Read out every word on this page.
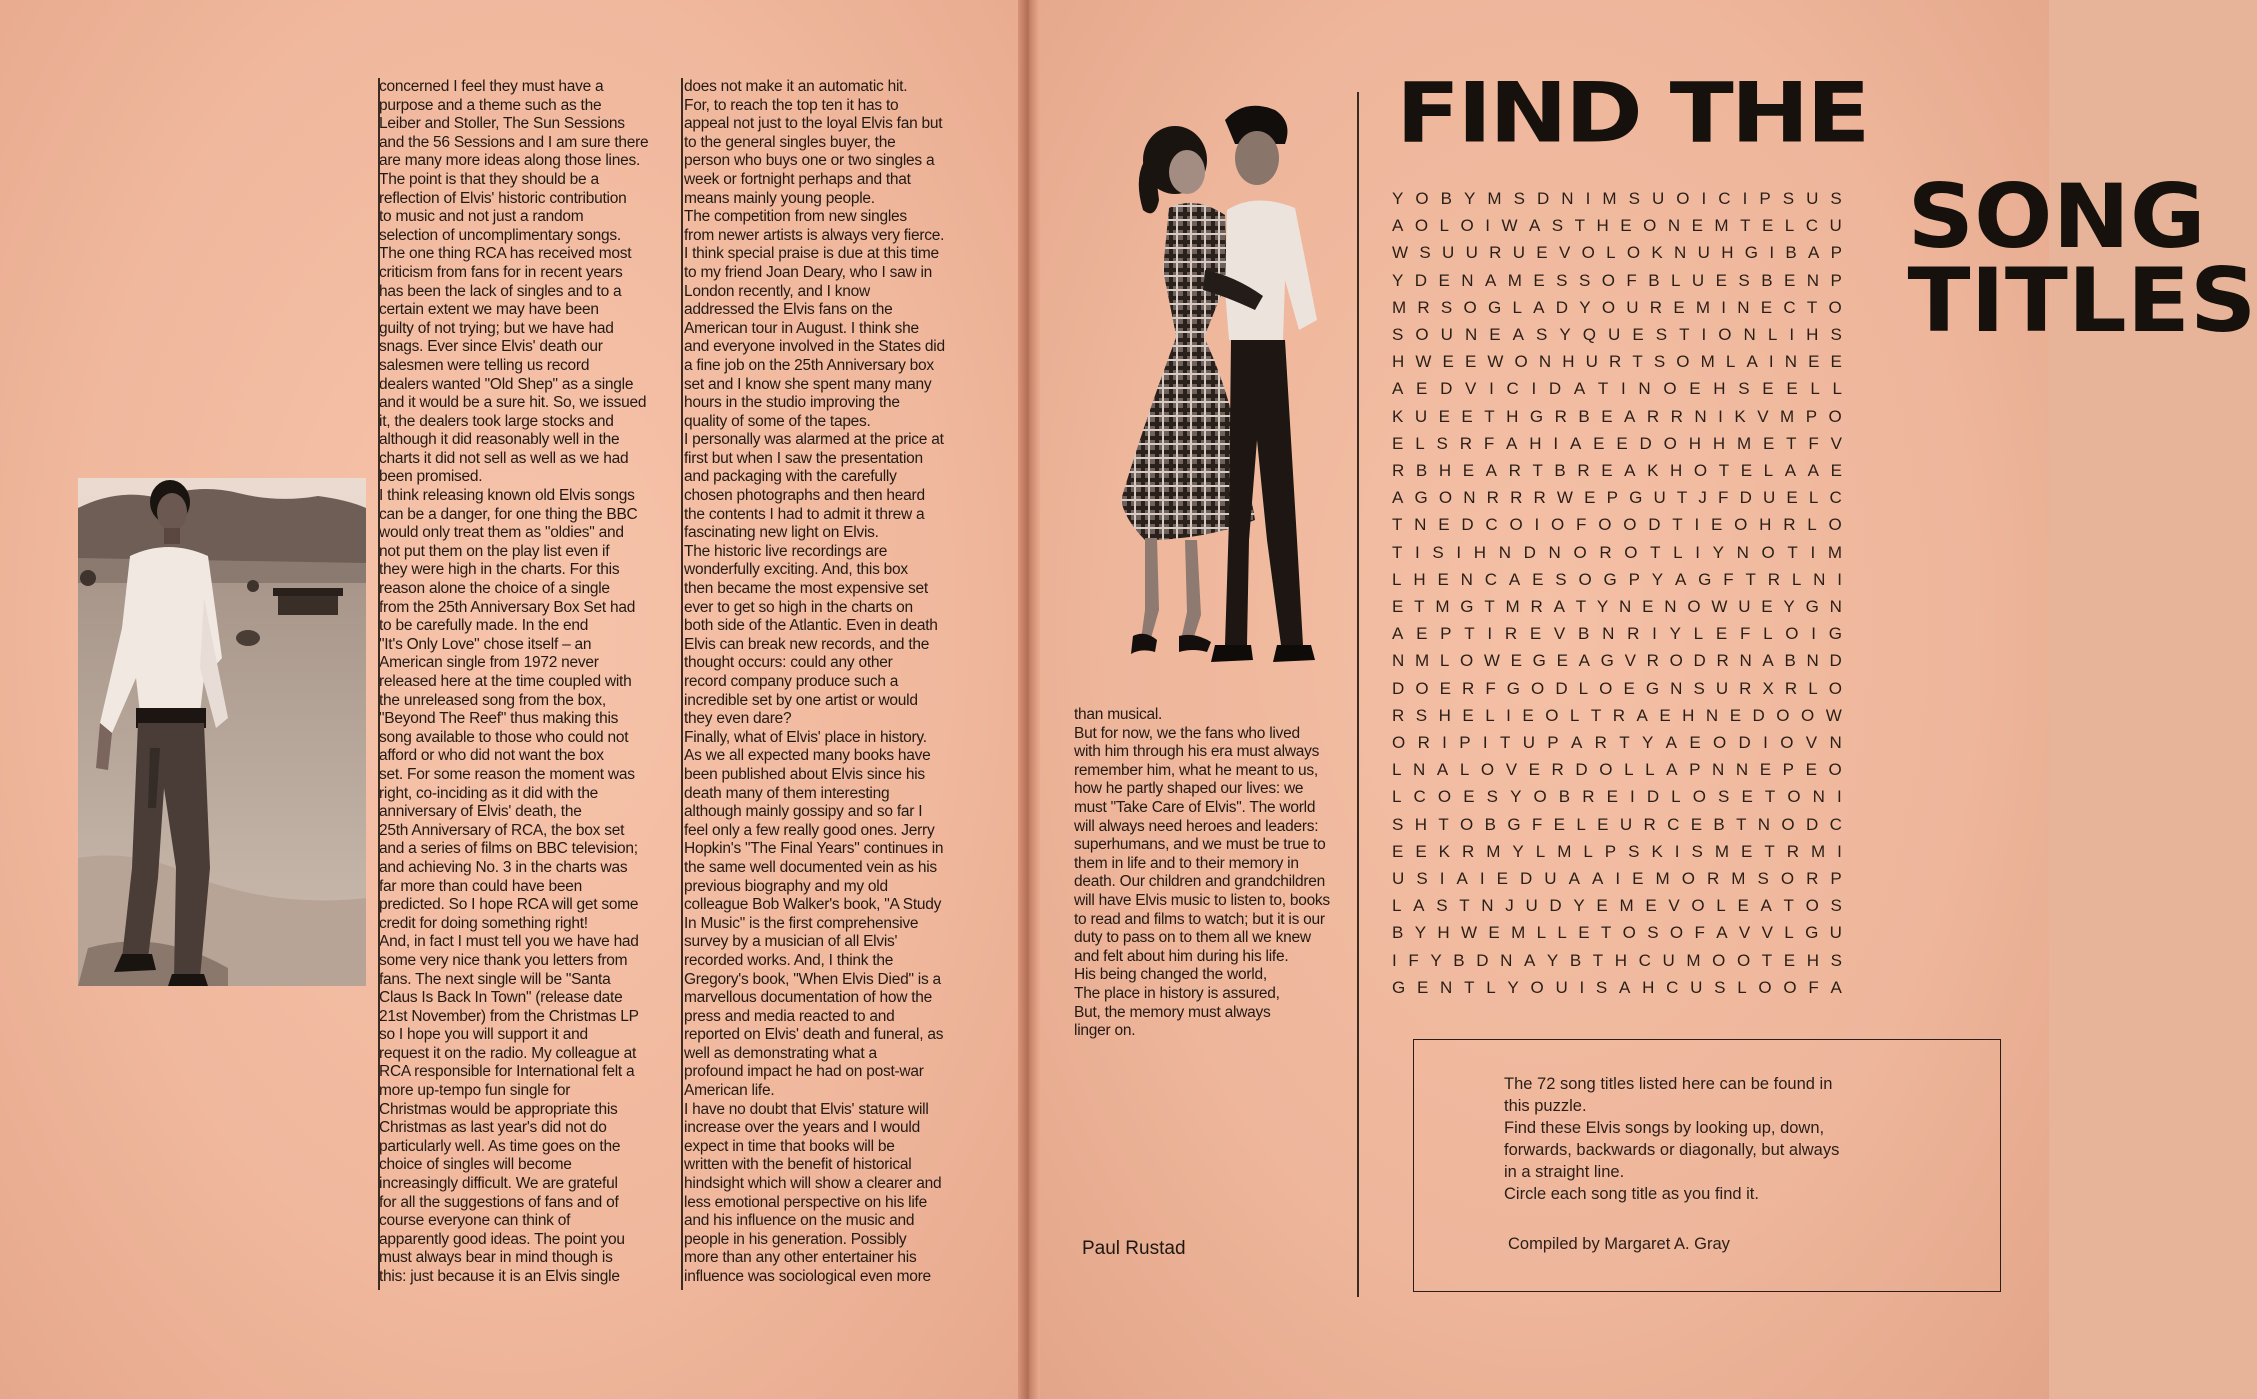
concerned I feel they must have a
purpose and a theme such as the
Leiber and Stoller, The Sun Sessions
and the 56 Sessions and I am sure there
are many more ideas along those lines.
The point is that they should be a
reflection of Elvis' historic contribution
to music and not just a random
selection of uncomplimentary songs.
The one thing RCA has received most
criticism from fans for in recent years
has been the lack of singles and to a
certain extent we may have been
guilty of not trying; but we have had
snags. Ever since Elvis' death our
salesmen were telling us record
dealers wanted "Old Shep" as a single
and it would be a sure hit. So, we issued
it, the dealers took large stocks and
although it did reasonably well in the
charts it did not sell as well as we had
been promised.
I think releasing known old Elvis songs
can be a danger, for one thing the BBC
would only treat them as "oldies" and
not put them on the play list even if
they were high in the charts. For this
reason alone the choice of a single
from the 25th Anniversary Box Set had
to be carefully made. In the end
"It's Only Love" chose itself – an
American single from 1972 never
released here at the time coupled with
the unreleased song from the box,
"Beyond The Reef" thus making this
song available to those who could not
afford or who did not want the box
set. For some reason the moment was
right, co-inciding as it did with the
anniversary of Elvis' death, the
25th Anniversary of RCA, the box set
and a series of films on BBC television;
and achieving No. 3 in the charts was
far more than could have been
predicted. So I hope RCA will get some
credit for doing something right!
And, in fact I must tell you we have had
some very nice thank you letters from
fans. The next single will be "Santa
Claus Is Back In Town" (release date
21st November) from the Christmas LP
so I hope you will support it and
request it on the radio. My colleague at
RCA responsible for International felt a
more up-tempo fun single for
Christmas would be appropriate this
Christmas as last year's did not do
particularly well. As time goes on the
choice of singles will become
increasingly difficult. We are grateful
for all the suggestions of fans and of
course everyone can think of
apparently good ideas. The point you
must always bear in mind though is
this: just because it is an Elvis single
does not make it an automatic hit.
For, to reach the top ten it has to
appeal not just to the loyal Elvis fan but
to the general singles buyer, the
person who buys one or two singles a
week or fortnight perhaps and that
means mainly young people.
The competition from new singles
from newer artists is always very fierce.
I think special praise is due at this time
to my friend Joan Deary, who I saw in
London recently, and I know
addressed the Elvis fans on the
American tour in August. I think she
and everyone involved in the States did
a fine job on the 25th Anniversary box
set and I know she spent many many
hours in the studio improving the
quality of some of the tapes.
I personally was alarmed at the price at
first but when I saw the presentation
and packaging with the carefully
chosen photographs and then heard
the contents I had to admit it threw a
fascinating new light on Elvis.
The historic live recordings are
wonderfully exciting. And, this box
then became the most expensive set
ever to get so high in the charts on
both side of the Atlantic. Even in death
Elvis can break new records, and the
thought occurs: could any other
record company produce such a
incredible set by one artist or would
they even dare?
Finally, what of Elvis' place in history.
As we all expected many books have
been published about Elvis since his
death many of them interesting
although mainly gossipy and so far I
feel only a few really good ones. Jerry
Hopkin's "The Final Years" continues in
the same well documented vein as his
previous biography and my old
colleague Bob Walker's book, "A Study
In Music" is the first comprehensive
survey by a musician of all Elvis'
recorded works. And, I think the
Gregory's book, "When Elvis Died" is a
marvellous documentation of how the
press and media reacted to and
reported on Elvis' death and funeral, as
well as demonstrating what a
profound impact he had on post-war
American life.
I have no doubt that Elvis' stature will
increase over the years and I would
expect in time that books will be
written with the benefit of historical
hindsight which will show a clearer and
less emotional perspective on his life
and his influence on the music and
people in his generation. Possibly
more than any other entertainer his
influence was sociological even more
than musical.
But for now, we the fans who lived
with him through his era must always
remember him, what he meant to us,
how he partly shaped our lives: we
must "Take Care of Elvis". The world
will always need heroes and leaders:
superhumans, and we must be true to
them in life and to their memory in
death. Our children and grandchildren
will have Elvis music to listen to, books
to read and films to watch; but it is our
duty to pass on to them all we knew
and felt about him during his life.
His being changed the world,
The place in history is assured,
But, the memory must always
linger on.
Paul Rustad
FIND THE
SONG
TITLES
Y O B Y M S D N I M S U O I C I P S U S
A O L O I W A S T H E O N E M T E L C U
W S U U R U E V O L O K N U H G I B A P
Y D E N A M E S S O F B L U E S B E N P
M R S O G L A D Y O U R E M I N E C T O
S O U N E A S Y Q U E S T I O N L I H S
H W E E W O N H U R T S O M L A I N E E
A E D V I C I D A T I N O E H S E E L L
K U E E T H G R B E A R R N I K V M P O
E L S R F A H I A E E D O H H M E T F V
R B H E A R T B R E A K H O T E L A A E
A G O N R R R W E P G U T J F D U E L C
T N E D C O I O F O O D T I E O H R L O
T I S I H N D N O R O T L I Y N O T I M
L H E N C A E S O G P Y A G F T R L N I
E T M G T M R A T Y N E N O W U E Y G N
A E P T I R E V B N R I Y L E F L O I G
N M L O W E G E A G V R O D R N A B N D
D O E R F G O D L O E G N S U R X R L O
R S H E L I E O L T R A E H N E D O O W
O R I P I T U P A R T Y A E O D I O V N
L N A L O V E R D O L L A P N N E P E O
L C O E S Y O B R E I D L O S E T O N I
S H T O B G F E L E U R C E B T N O D C
E E K R M Y L M L P S K I S M E T R M I
U S I A I E D U A A I E M O R M S O R P
L A S T N J U D Y E M E V O L E A T O S
B Y H W E M L L E T O S O F A V V L G U
I F Y B D N A Y B T H C U M O O T E H S
G E N T L Y O U I S A H C U S L O O F A
The 72 song titles listed here can be found in
this puzzle.
Find these Elvis songs by looking up, down,
forwards, backwards or diagonally, but always
in a straight line.
Circle each song title as you find it.
Compiled by Margaret A. Gray
